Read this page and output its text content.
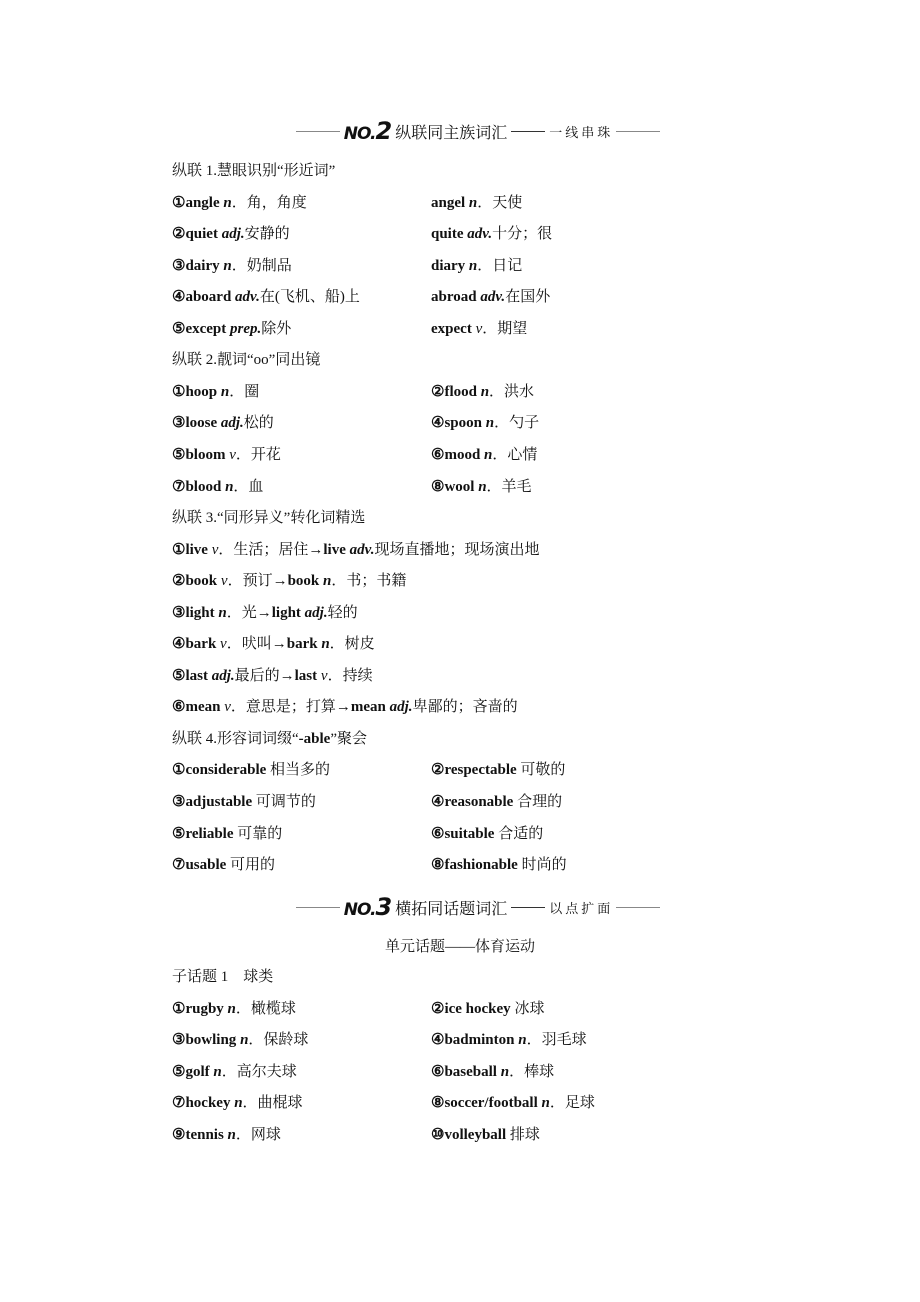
NO.2 纵联同主族词汇	一线串珠
纵联 1.慧眼识别“形近词”
①angle n．角，角度	angel n．天使
②quiet adj.安静的	quite adv.十分；很
③dairy n．奶制品	diary n．日记
④aboard adv.在(飞机、船)上	abroad adv.在国外
⑤except prep.除外	expect v．期望
纵联 2.靓词“oo”同出镜
①hoop n．圈	②flood n．洪水
③loose adj.松的	④spoon n．勺子
⑤bloom v．开花	⑥mood n．心情
⑦blood n．血	⑧wool n．羊毛
纵联 3.“同形异义”转化词精选
①live v．生活；居住→live adv.现场直播地；现场演出地
②book v．预订→book n．书；书籍
③light n．光→light adj.轻的
④bark v．吠叫→bark n．树皮
⑤last adj.最后的→last v．持续
⑥mean v．意思是；打算→mean adj.卑鄙的；吝啬的
纵联 4.形容词词缀“-able”聚会
①considerable 相当多的	②respectable 可敬的
③adjustable 可调节的	④reasonable 合理的
⑤reliable 可靠的	⑥suitable 合适的
⑦usable 可用的	⑧fashionable 时尚的
NO.3 横拓同话题词汇	以点扩面
单元话题——体育运动
子话题 1　球类
①rugby n．橄榄球	②ice hockey 冰球
③bowling n．保龄球	④badminton n．羽毛球
⑤golf n．高尔夫球	⑥baseball n．棒球
⑦hockey n．曲棍球	⑧soccer/football n．足球
⑨tennis n．网球	⑩volleyball 排球
